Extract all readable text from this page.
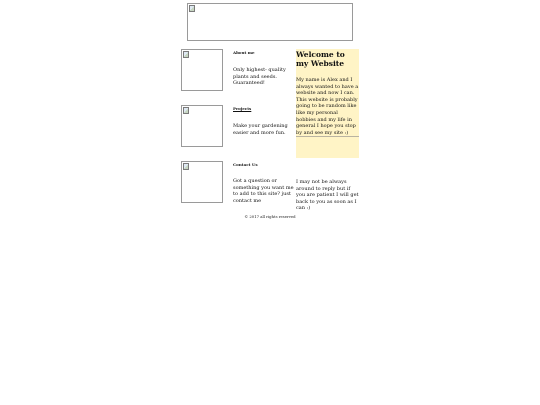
About me
Only highest- quality plants and seeds. Guaranteed!
Projects
Make your gardening easier and more fun.
Contact Us
Got a question or something you want me to add to this site? just contact me
Welcome to my Website
My name is Alex and I always wanted to have a website and now I can. This website is probably going to be random like like my personal hobbies and my life in general I hope you stop by and see my site :)
I may not be always around to reply but if you are patient I will get back to you as soon as I can :)
© 2017 all rights reserved
